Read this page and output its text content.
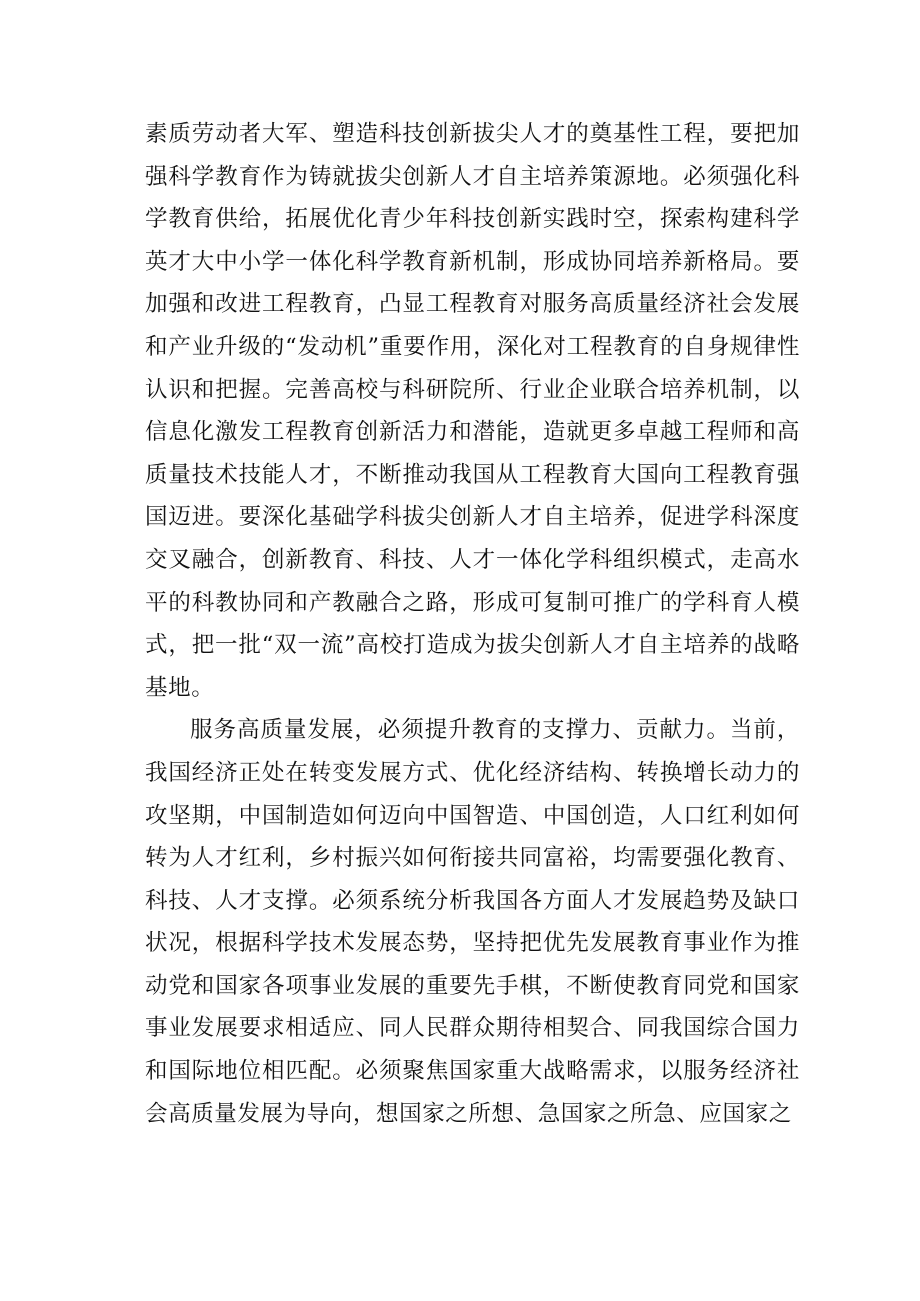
素质劳动者大军、塑造科技创新拔尖人才的奠基性工程，要把加强科学教育作为铸就拔尖创新人才自主培养策源地。必须强化科学教育供给，拓展优化青少年科技创新实践时空，探索构建科学英才大中小学一体化科学教育新机制，形成协同培养新格局。要加强和改进工程教育，凸显工程教育对服务高质量经济社会发展和产业升级的“发动机”重要作用，深化对工程教育的自身规律性认识和把握。完善高校与科研院所、行业企业联合培养机制，以信息化激发工程教育创新活力和潜能，造就更多卓越工程师和高质量技术技能人才，不断推动我国从工程教育大国向工程教育强国迈进。要深化基础学科拔尖创新人才自主培养，促进学科深度交叉融合，创新教育、科技、人才一体化学科组织模式，走高水平的科教协同和产教融合之路，形成可复制可推广的学科育人模式，把一批“双一流”高校打造成为拔尖创新人才自主培养的战略基地。

服务高质量发展，必须提升教育的支撑力、贡献力。当前，我国经济正处在转变发展方式、优化经济结构、转换增长动力的攻坚期，中国制造如何迈向中国智造、中国创造，人口红利如何转为人才红利，乡村振兴如何衔接共同富裕，均需要强化教育、科技、人才支撑。必须系统分析我国各方面人才发展趋势及缺口状况，根据科学技术发展态势，坚持把优先发展教育事业作为推动党和国家各项事业发展的重要先手棋，不断使教育同党和国家事业发展要求相适应、同人民群众期待相契合、同我国综合国力和国际地位相匹配。必须聚焦国家重大战略需求，以服务经济社会高质量发展为导向，想国家之所想、急国家之所急、应国家之
